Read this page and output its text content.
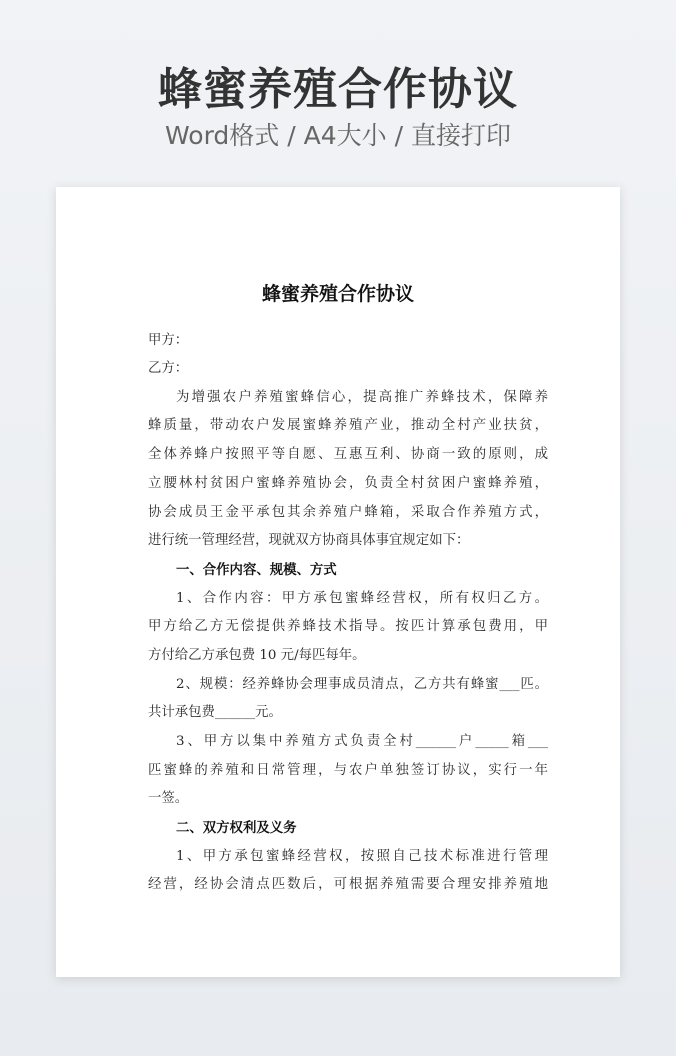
蜂蜜养殖合作协议
Word格式 / A4大小 / 直接打印
蜂蜜养殖合作协议
甲方：
乙方：
为增强农户养殖蜜蜂信心，提高推广养蜂技术，保障养
蜂质量，带动农户发展蜜蜂养殖产业，推动全村产业扶贫，
全体养蜂户按照平等自愿、互惠互利、协商一致的原则，成
立腰林村贫困户蜜蜂养殖协会，负责全村贫困户蜜蜂养殖，
协会成员王金平承包其余养殖户蜂箱，采取合作养殖方式，
进行统一管理经营，现就双方协商具体事宜规定如下：
一、合作内容、规模、方式
1、合作内容：甲方承包蜜蜂经营权，所有权归乙方。
甲方给乙方无偿提供养蜂技术指导。按匹计算承包费用，甲
方付给乙方承包费 10 元/每匹每年。
2、规模：经养蜂协会理事成员清点，乙方共有蜂蜜___匹。
共计承包费______元。
3、甲方以集中养殖方式负责全村______户_____箱___
匹蜜蜂的养殖和日常管理，与农户单独签订协议，实行一年
一签。
二、双方权利及义务
1、甲方承包蜜蜂经营权，按照自己技术标准进行管理
经营，经协会清点匹数后，可根据养殖需要合理安排养殖地
